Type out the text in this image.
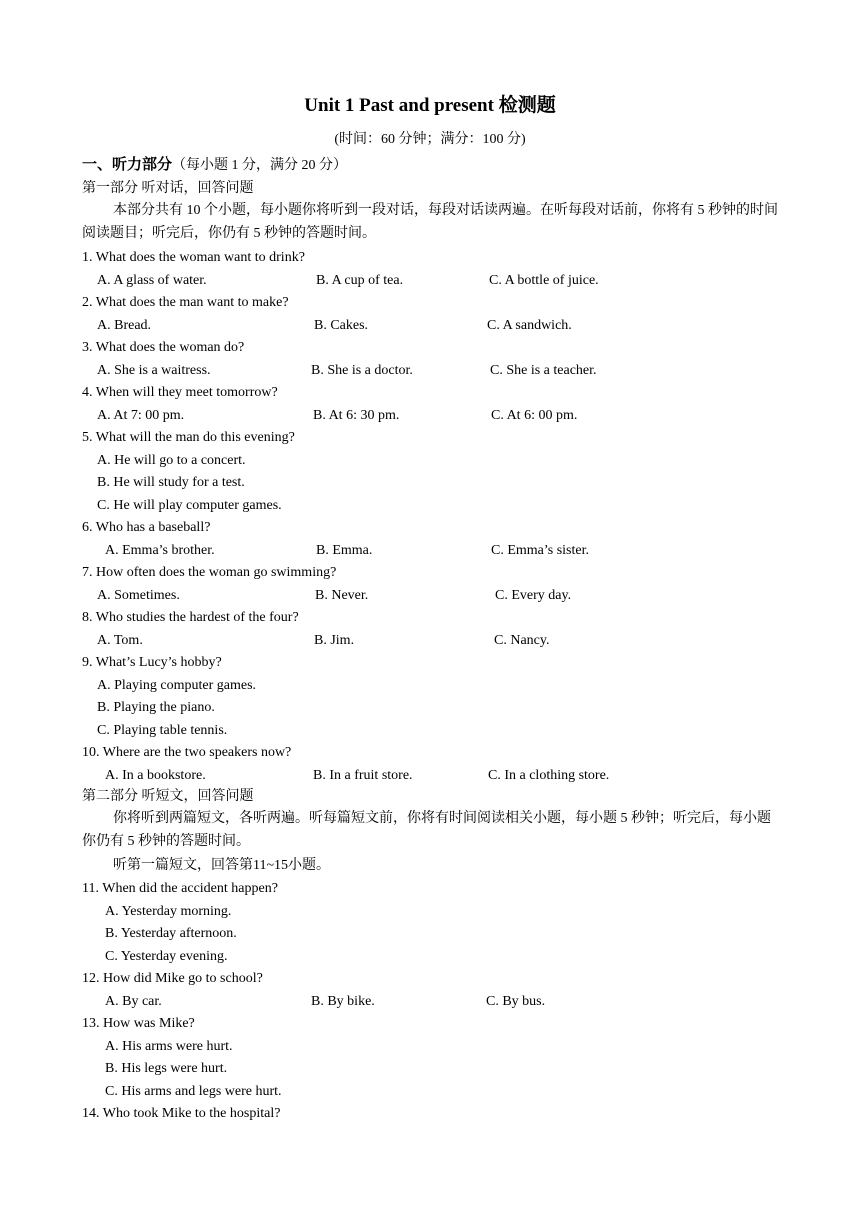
Unit 1 Past and present 检测题
(时间：60 分钟；满分：100 分)
一、听力部分（每小题 1 分，满分 20 分）
第一部分 听对话，回答问题
本部分共有 10 个小题，每小题你将听到一段对话，每段对话读两遍。在听每段对话前，你将有 5 秒钟的时间阅读题目；听完后，你仍有 5 秒钟的答题时间。
1. What does the woman want to drink?
A. A glass of water.	B. A cup of tea.	C. A bottle of juice.
2. What does the man want to make?
A. Bread.	B. Cakes.	C. A sandwich.
3. What does the woman do?
A. She is a waitress.	B. She is a doctor.	C. She is a teacher.
4. When will they meet tomorrow?
A. At 7: 00 pm.	B. At 6: 30 pm.	C. At 6: 00 pm.
5. What will the man do this evening?
A. He will go to a concert.
B. He will study for a test.
C. He will play computer games.
6. Who has a baseball?
A. Emma’s brother.	B. Emma.	C. Emma’s sister.
7. How often does the woman go swimming?
A. Sometimes.	B. Never.	C. Every day.
8. Who studies the hardest of the four?
A. Tom.	B. Jim.	C. Nancy.
9. What’s Lucy’s hobby?
A. Playing computer games.
B. Playing the piano.
C. Playing table tennis.
10. Where are the two speakers now?
A. In a bookstore.	B. In a fruit store.	C. In a clothing store.
第二部分 听短文，回答问题
你将听到两篇短文，各听两遍。听每篇短文前，你将有时间阅读相关小题，每小题 5 秒钟；听完后，每小题你仍有 5 秒钟的答题时间。
听第一篇短文，回答第11~15小题。
11. When did the accident happen?
A. Yesterday morning.
B. Yesterday afternoon.
C. Yesterday evening.
12. How did Mike go to school?
A. By car.	B. By bike.	C. By bus.
13. How was Mike?
A. His arms were hurt.
B. His legs were hurt.
C. His arms and legs were hurt.
14. Who took Mike to the hospital?
